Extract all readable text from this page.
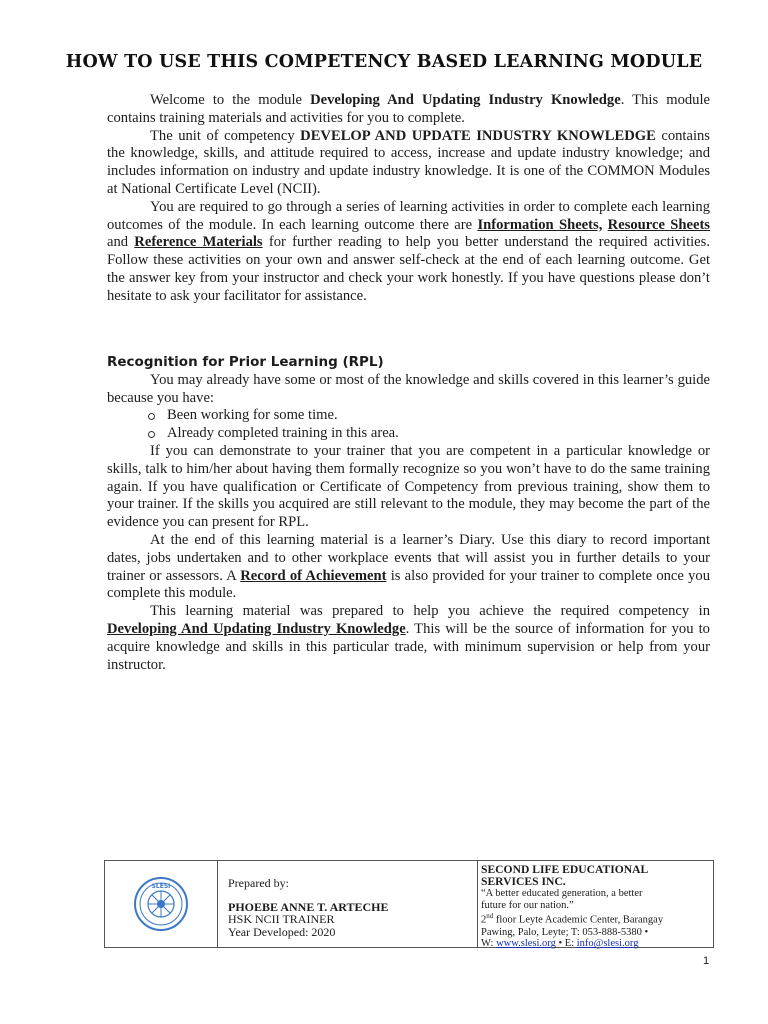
HOW TO USE THIS COMPETENCY BASED LEARNING MODULE

Welcome to the module Developing And Updating Industry Knowledge. This module contains training materials and activities for you to complete.

The unit of competency DEVELOP AND UPDATE INDUSTRY KNOWLEDGE contains the knowledge, skills, and attitude required to access, increase and update industry knowledge; and includes information on industry and update industry knowledge. It is one of the COMMON Modules at National Certificate Level (NCII).

You are required to go through a series of learning activities in order to complete each learning outcomes of the module. In each learning outcome there are Information Sheets, Resource Sheets and Reference Materials for further reading to help you better understand the required activities. Follow these activities on your own and answer self-check at the end of each learning outcome. Get the answer key from your instructor and check your work honestly. If you have questions please don’t hesitate to ask your facilitator for assistance.

Recognition for Prior Learning (RPL)

You may already have some or most of the knowledge and skills covered in this learner’s guide because you have:

Been working for some time.
Already completed training in this area.

If you can demonstrate to your trainer that you are competent in a particular knowledge or skills, talk to him/her about having them formally recognize so you won’t have to do the same training again. If you have qualification or Certificate of Competency from previous training, show them to your trainer. If the skills you acquired are still relevant to the module, they may become the part of the evidence you can present for RPL.

At the end of this learning material is a learner’s Diary. Use this diary to record important dates, jobs undertaken and to other workplace events that will assist you in further details to your trainer or assessors. A Record of Achievement is also provided for your trainer to complete once you complete this module.

This learning material was prepared to help you achieve the required competency in Developing And Updating Industry Knowledge. This will be the source of information for you to acquire knowledge and skills in this particular trade, with minimum supervision or help from your instructor.

SLESI	Prepared by:
PHOEBE ANNE T. ARTECHE
HSK NCII TRAINER
Year Developed: 2020
SECOND LIFE EDUCATIONAL
SERVICES INC.
“A better educated generation, a better
future for our nation.”
2nd floor Leyte Academic Center, Barangay
Pawing, Palo, Leyte; T: 053-888-5380 •
W: www.slesi.org • E: info@slesi.org
1
